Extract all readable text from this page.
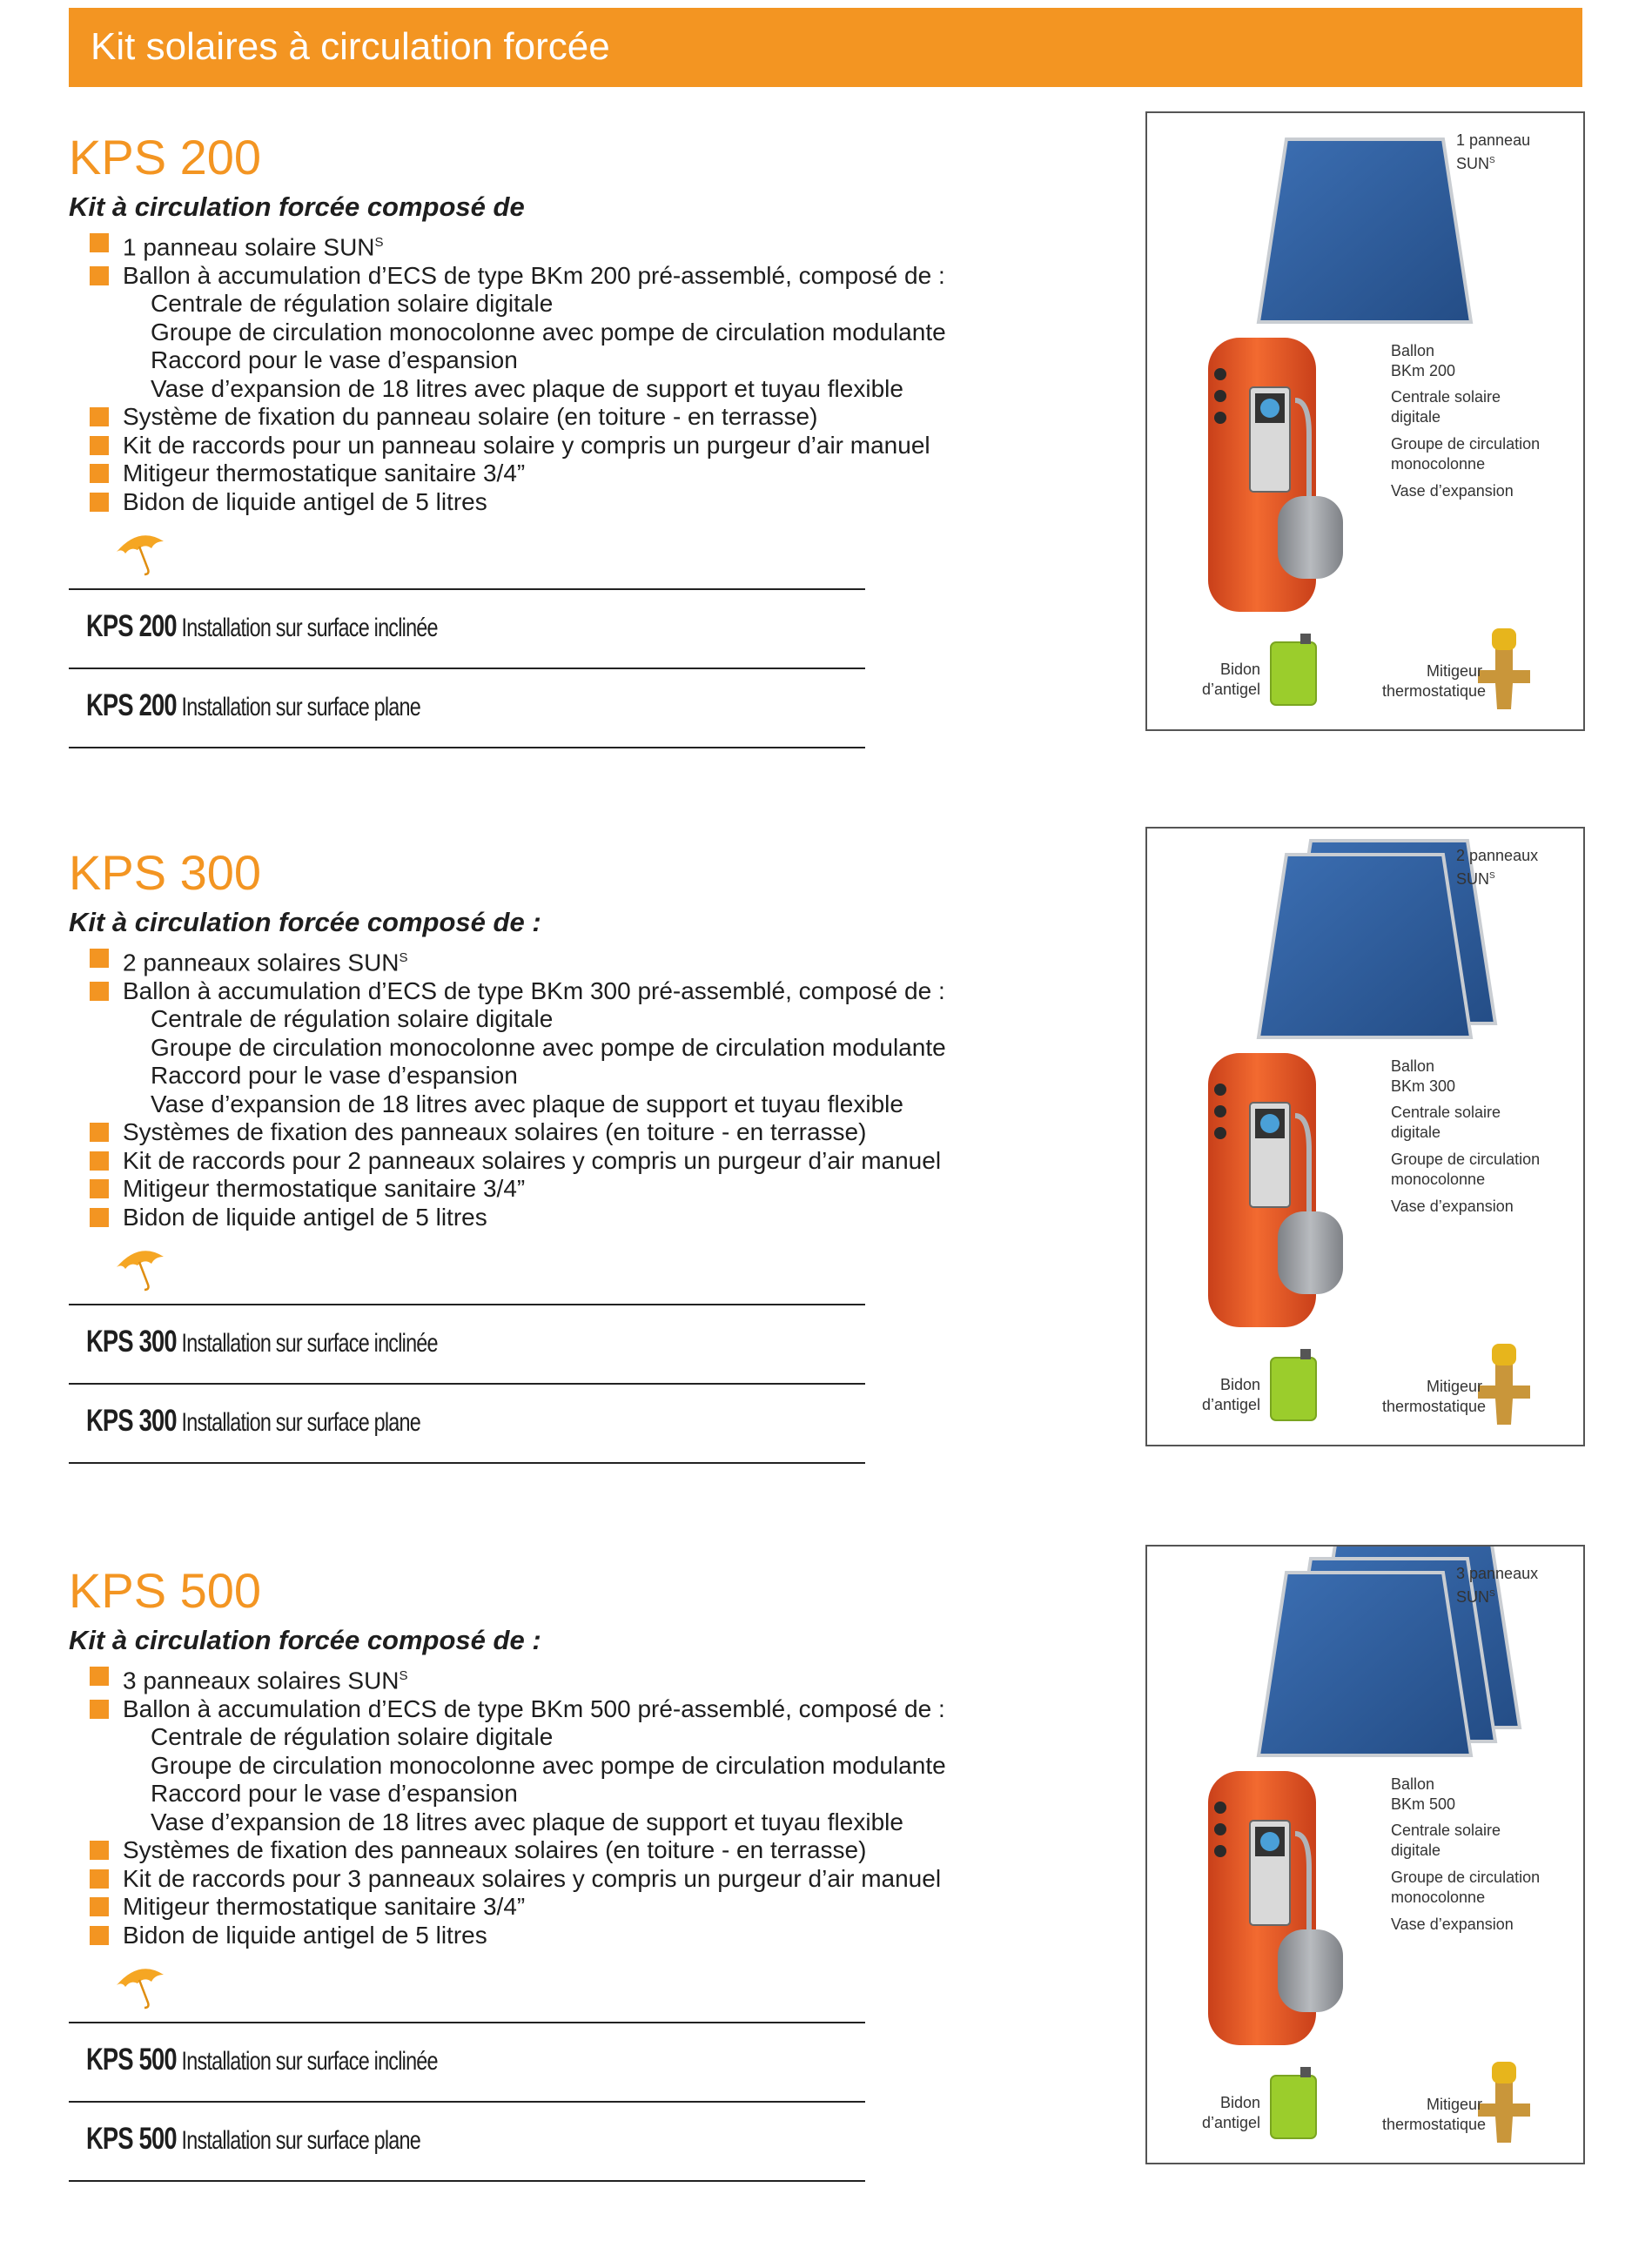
Kit solaires à circulation forcée
KPS 200
Kit à circulation forcée composé de
1 panneau solaire $SUN^S$
Ballon à accumulation d’ECS de type BKm 200 pré-assemblé, composé de :
Centrale de régulation solaire digitale
Groupe de circulation monocolonne avec pompe de circulation modulante
Raccord pour le vase d’espansion
Vase d’expansion de 18 litres avec plaque de support et tuyau flexible
Système de fixation du panneau solaire (en toiture - en terrasse)
Kit de raccords pour un panneau solaire y compris un purgeur d’air manuel
Mitigeur thermostatique sanitaire 3/4”
Bidon de liquide antigel de 5 litres
KPS 200 Installation sur surface inclinée
KPS 200 Installation sur surface plane
1 panneau
$SUN^S$
Ballon
BKm 200
Centrale solaire
digitale
Groupe de circulation
monocolonne
Vase d’expansion
Bidon
d’antigel
Mitigeur
thermostatique
KPS 300
Kit à circulation forcée composé de :
2 panneaux solaires $SUN^S$
Ballon à accumulation d’ECS de type BKm 300 pré-assemblé, composé de :
Centrale de régulation solaire digitale
Groupe de circulation monocolonne avec pompe de circulation modulante
Raccord pour le vase d’espansion
Vase d’expansion de 18 litres avec plaque de support et tuyau flexible
Systèmes de fixation des panneaux solaires (en toiture - en terrasse)
Kit de raccords pour 2 panneaux solaires y compris un purgeur d’air manuel
Mitigeur thermostatique sanitaire 3/4”
Bidon de liquide antigel de 5 litres
KPS 300 Installation sur surface inclinée
KPS 300 Installation sur surface plane
2 panneaux
$SUN^S$
Ballon
BKm 300
Centrale solaire
digitale
Groupe de circulation
monocolonne
Vase d’expansion
Bidon
d’antigel
Mitigeur
thermostatique
KPS 500
Kit à circulation forcée composé de :
3 panneaux solaires $SUN^S$
Ballon à accumulation d’ECS de type BKm 500 pré-assemblé, composé de :
Centrale de régulation solaire digitale
Groupe de circulation monocolonne avec pompe de circulation modulante
Raccord pour le vase d’espansion
Vase d’expansion de 18 litres avec plaque de support et tuyau flexible
Systèmes de fixation des panneaux solaires (en toiture - en terrasse)
Kit de raccords pour 3 panneaux solaires y compris un purgeur d’air manuel
Mitigeur thermostatique sanitaire 3/4”
Bidon de liquide antigel de 5 litres
KPS 500 Installation sur surface inclinée
KPS 500 Installation sur surface plane
3 panneaux
$SUN^S$
Ballon
BKm 500
Centrale solaire
digitale
Groupe de circulation
monocolonne
Vase d’expansion
Bidon
d’antigel
Mitigeur
thermostatique
